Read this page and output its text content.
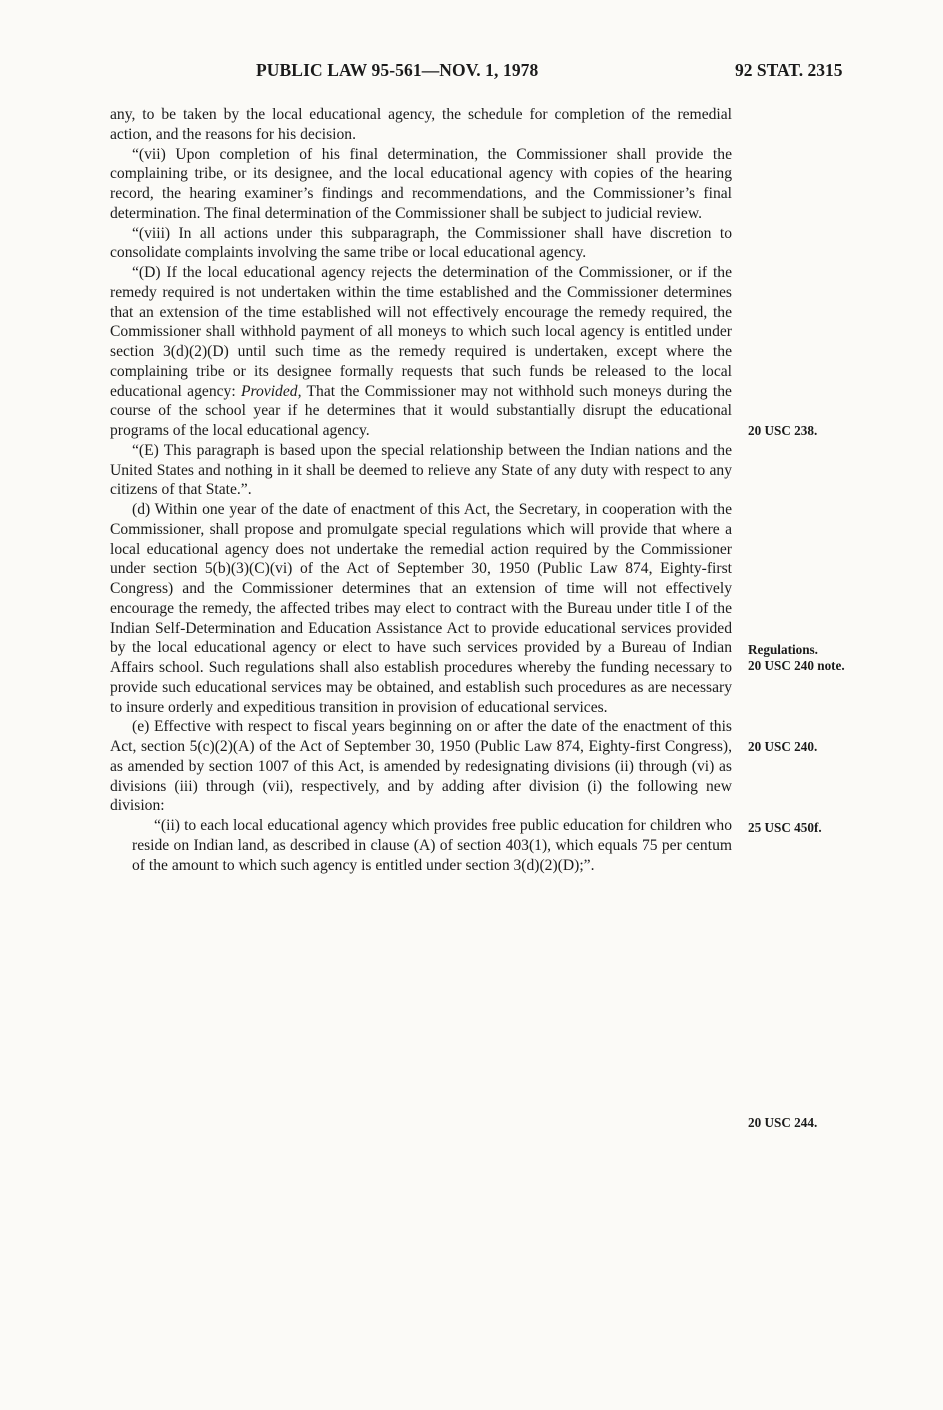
PUBLIC LAW 95-561—NOV. 1, 1978	92 STAT. 2315

any, to be taken by the local educational agency, the schedule for completion of the remedial action, and the reasons for his decision.

“(vii) Upon completion of his final determination, the Commissioner shall provide the complaining tribe, or its designee, and the local educational agency with copies of the hearing record, the hearing examiner’s findings and recommendations, and the Commissioner’s final determination. The final determination of the Commissioner shall be subject to judicial review.

“(viii) In all actions under this subparagraph, the Commissioner shall have discretion to consolidate complaints involving the same tribe or local educational agency.

“(D) If the local educational agency rejects the determination of the Commissioner, or if the remedy required is not undertaken within the time established and the Commissioner determines that an extension of the time established will not effectively encourage the remedy required, the Commissioner shall withhold payment of all moneys to which such local agency is entitled under section 3(d)(2)(D) until such time as the remedy required is undertaken, except where the complaining tribe or its designee formally requests that such funds be released to the local educational agency: Provided, That the Commissioner may not withhold such moneys during the course of the school year if he determines that it would substantially disrupt the educational programs of the local educational agency.

“(E) This paragraph is based upon the special relationship between the Indian nations and the United States and nothing in it shall be deemed to relieve any State of any duty with respect to any citizens of that State.”.

(d) Within one year of the date of enactment of this Act, the Secretary, in cooperation with the Commissioner, shall propose and promulgate special regulations which will provide that where a local educational agency does not undertake the remedial action required by the Commissioner under section 5(b)(3)(C)(vi) of the Act of September 30, 1950 (Public Law 874, Eighty-first Congress) and the Commissioner determines that an extension of time will not effectively encourage the remedy, the affected tribes may elect to contract with the Bureau under title I of the Indian Self-Determination and Education Assistance Act to provide educational services provided by the local educational agency or elect to have such services provided by a Bureau of Indian Affairs school. Such regulations shall also establish procedures whereby the funding necessary to provide such educational services may be obtained, and establish such procedures as are necessary to insure orderly and expeditious transition in provision of educational services.

(e) Effective with respect to fiscal years beginning on or after the date of the enactment of this Act, section 5(c)(2)(A) of the Act of September 30, 1950 (Public Law 874, Eighty-first Congress), as amended by section 1007 of this Act, is amended by redesignating divisions (ii) through (vi) as divisions (iii) through (vii), respectively, and by adding after division (i) the following new division:

“(ii) to each local educational agency which provides free public education for children who reside on Indian land, as described in clause (A) of section 403(1), which equals 75 per centum of the amount to which such agency is entitled under section 3(d)(2)(D);”.

20 USC 238.
Regulations.
20 USC 240 note.
20 USC 240.
25 USC 450f.
20 USC 244.
